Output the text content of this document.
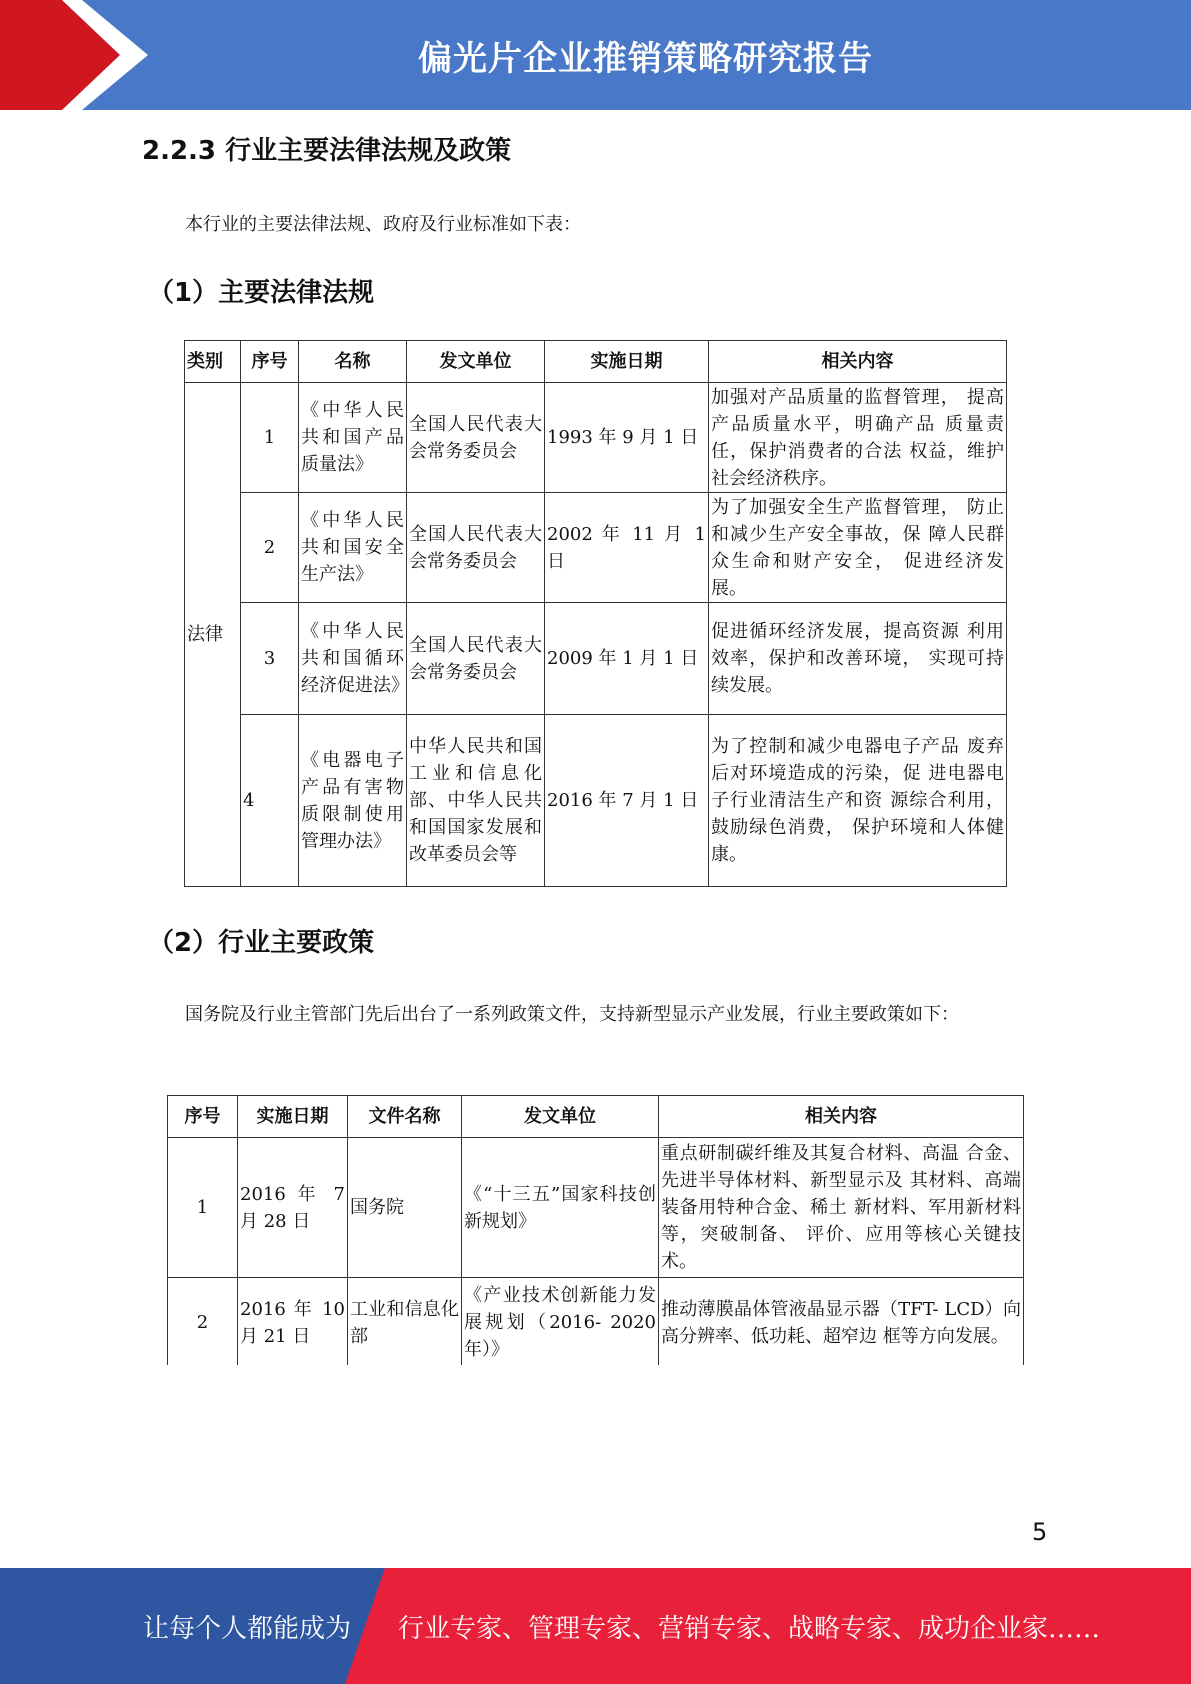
偏光片企业推销策略研究报告
2.2.3 行业主要法律法规及政策
本行业的主要法律法规、政府及行业标准如下表：
（1）主要法律法规
类别	序号	名称	发文单位	实施日期	相关内容
法律	1	《中华人民共和国产品质量法》	全国人民代表大会常务委员会	1993 年 9 月 1 日	加强对产品质量的监督管理， 提高产品质量水平，明确产品 质量责任，保护消费者的合法 权益，维护社会经济秩序。
	2	《中华人民共和国安全生产法》	全国人民代表大会常务委员会	2002 年 11 月 1 日	为了加强安全生产监督管理， 防止和减少生产安全事故，保 障人民群众生命和财产安全， 促进经济发展。
	3	《中华人民共和国循环经济促进法》	全国人民代表大会常务委员会	2009 年 1 月 1 日	促进循环经济发展，提高资源 利用效率，保护和改善环境， 实现可持续发展。
	4	《电器电子产品有害物质限制使用管理办法》	中华人民共和国工业和信息化部、中华人民共和国国家发展和改革委员会等	2016 年 7 月 1 日	为了控制和减少电器电子产品 废弃后对环境造成的污染，促 进电器电子行业清洁生产和资 源综合利用，鼓励绿色消费， 保护环境和人体健康。
（2）行业主要政策
国务院及行业主管部门先后出台了一系列政策文件，支持新型显示产业发展，行业主要政策如下：
序号	实施日期	文件名称	发文单位	相关内容
1	2016 年 7 月 28 日	国务院	《“十三五”国家科技创新规划》	重点研制碳纤维及其复合材料、高温 合金、先进半导体材料、新型显示及 其材料、高端装备用特种合金、稀土 新材料、军用新材料等，突破制备、 评价、应用等核心关键技术。
2	2016 年 10 月 21 日	工业和信息化部	《产业技术创新能力发展规划（2016- 2020 年）》	推动薄膜晶体管液晶显示器（TFT- LCD）向高分辨率、低功耗、超窄边 框等方向发展。
5
让每个人都能成为 行业专家、管理专家、营销专家、战略专家、成功企业家……
